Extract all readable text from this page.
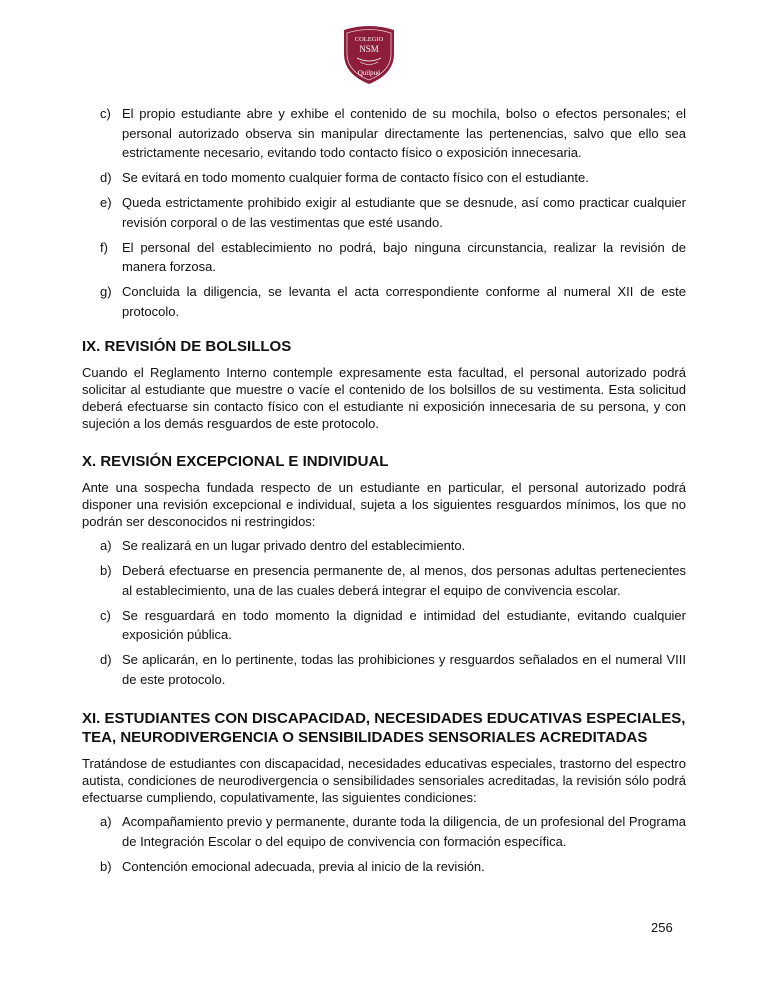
COLEGIO
NSM
Quilpué
c) El propio estudiante abre y exhibe el contenido de su mochila, bolso o efectos personales; el personal autorizado observa sin manipular directamente las pertenencias, salvo que ello sea estrictamente necesario, evitando todo contacto físico o exposición innecesaria.
d) Se evitará en todo momento cualquier forma de contacto físico con el estudiante.
e) Queda estrictamente prohibido exigir al estudiante que se desnude, así como practicar cualquier revisión corporal o de las vestimentas que esté usando.
f) El personal del establecimiento no podrá, bajo ninguna circunstancia, realizar la revisión de manera forzosa.
g) Concluida la diligencia, se levanta el acta correspondiente conforme al numeral XII de este protocolo.
IX. REVISIÓN DE BOLSILLOS

Cuando el Reglamento Interno contemple expresamente esta facultad, el personal autorizado podrá solicitar al estudiante que muestre o vacíe el contenido de los bolsillos de su vestimenta. Esta solicitud deberá efectuarse sin contacto físico con el estudiante ni exposición innecesaria de su persona, y con sujeción a los demás resguardos de este protocolo.

X. REVISIÓN EXCEPCIONAL E INDIVIDUAL

Ante una sospecha fundada respecto de un estudiante en particular, el personal autorizado podrá disponer una revisión excepcional e individual, sujeta a los siguientes resguardos mínimos, los que no podrán ser desconocidos ni restringidos:

a) Se realizará en un lugar privado dentro del establecimiento.
b) Deberá efectuarse en presencia permanente de, al menos, dos personas adultas pertenecientes al establecimiento, una de las cuales deberá integrar el equipo de convivencia escolar.
c) Se resguardará en todo momento la dignidad e intimidad del estudiante, evitando cualquier exposición pública.
d) Se aplicarán, en lo pertinente, todas las prohibiciones y resguardos señalados en el numeral VIII de este protocolo.
XI. ESTUDIANTES CON DISCAPACIDAD, NECESIDADES EDUCATIVAS ESPECIALES, TEA, NEURODIVERGENCIA O SENSIBILIDADES SENSORIALES ACREDITADAS

Tratándose de estudiantes con discapacidad, necesidades educativas especiales, trastorno del espectro autista, condiciones de neurodivergencia o sensibilidades sensoriales acreditadas, la revisión sólo podrá efectuarse cumpliendo, copulativamente, las siguientes condiciones:

a) Acompañamiento previo y permanente, durante toda la diligencia, de un profesional del Programa de Integración Escolar o del equipo de convivencia con formación específica.
b) Contención emocional adecuada, previa al inicio de la revisión.
256
